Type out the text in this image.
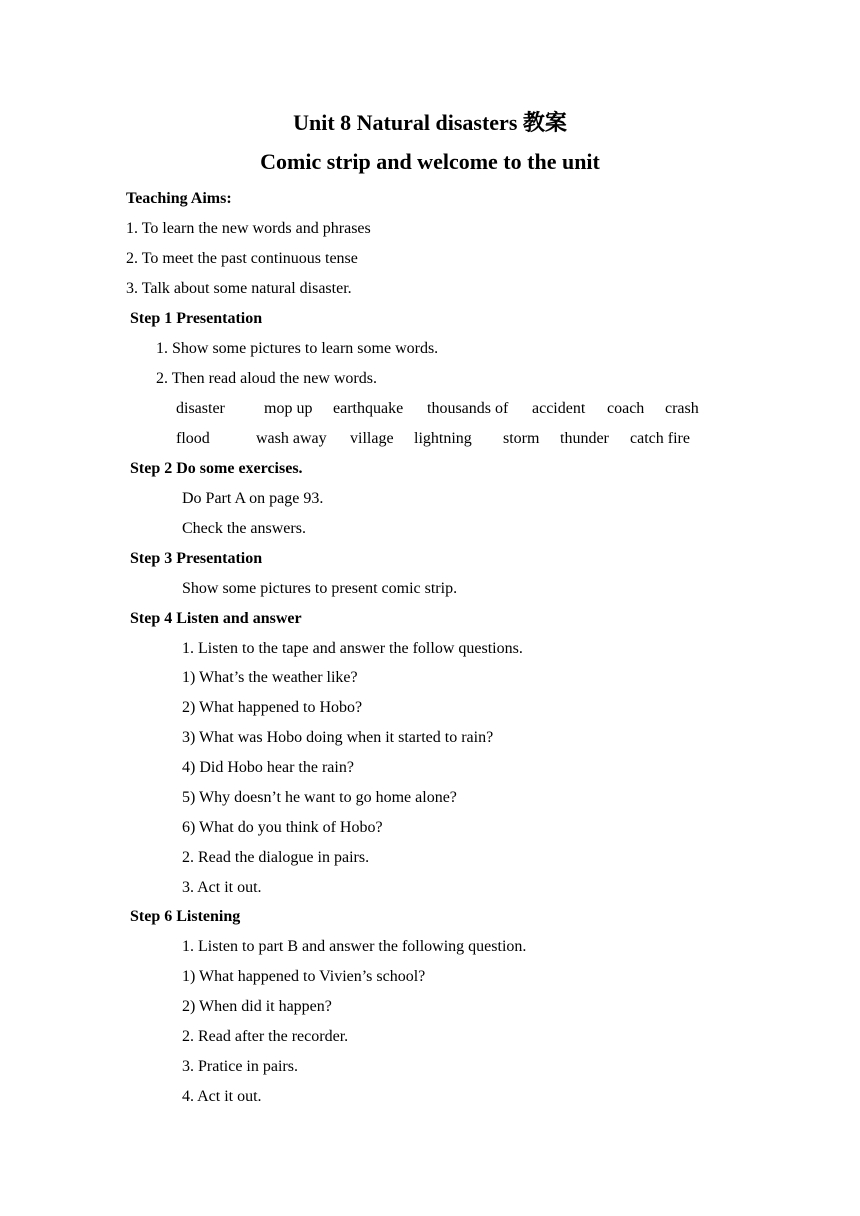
Unit 8 Natural disasters 教案
Comic strip and welcome to the unit
Teaching Aims:
1. To learn the new words and phrases
2. To meet the past continuous tense
3. Talk about some natural disaster.
Step 1 Presentation
1. Show some pictures to learn some words.
2. Then read aloud the new words.
disaster mop up earthquake thousands of accident coach crash
flood	wash away village lightning storm thunder catch fire
Step 2 Do some exercises.
Do Part A on page 93.
Check the answers.
Step 3 Presentation
Show some pictures to present comic strip.
Step 4 Listen and answer
1. Listen to the tape and answer the follow questions.
1) What’s the weather like?
2) What happened to Hobo?
3) What was Hobo doing when it started to rain?
4) Did Hobo hear the rain?
5) Why doesn’t he want to go home alone?
6) What do you think of Hobo?
2. Read the dialogue in pairs.
3. Act it out.
Step 6 Listening
1. Listen to part B and answer the following question.
1) What happened to Vivien’s school?
2) When did it happen?
2. Read after the recorder.
3. Pratice in pairs.
4. Act it out.
